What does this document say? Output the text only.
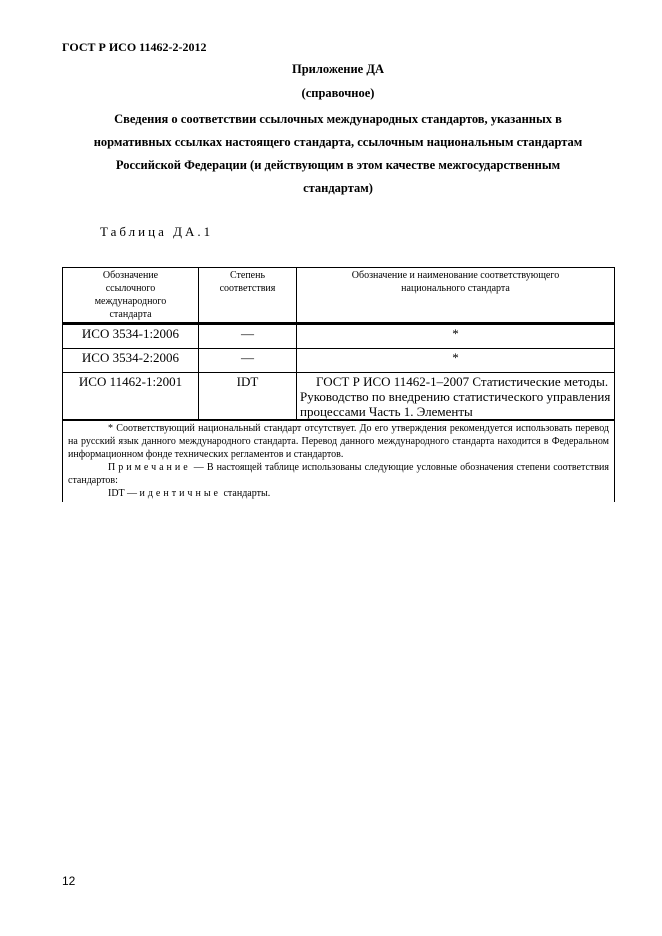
ГОСТ Р ИСО 11462-2-2012
Приложение ДА
(справочное)
Сведения о соответствии ссылочных международных стандартов, указанных в
нормативных ссылках настоящего стандарта, ссылочным национальным стандартам
Российской Федерации (и действующим в этом качестве межгосударственным
стандартам)
Таблица ДА.1
Обозначение ссылочного международного стандарта	Степень соответствия	Обозначение и наименование соответствующего национального стандарта
ИСО 3534-1:2006	—	*
ИСО 3534-2:2006	—	*
ИСО 11462-1:2001	IDT	ГОСТ Р ИСО 11462-1–2007 Статистические методы. Руководство по внедрению статистического управления процессами Часть 1. Элементы

* Соответствующий национальный стандарт отсутствует. До его утверждения рекомендуется использовать перевод на русский язык данного международного стандарта. Перевод данного международного стандарта находится в Федеральном информационном фонде технических регламентов и стандартов.
Примечание — В настоящей таблице использованы следующие условные обозначения степени соответствия стандартов:
IDT — идентичные стандарты.		
12
